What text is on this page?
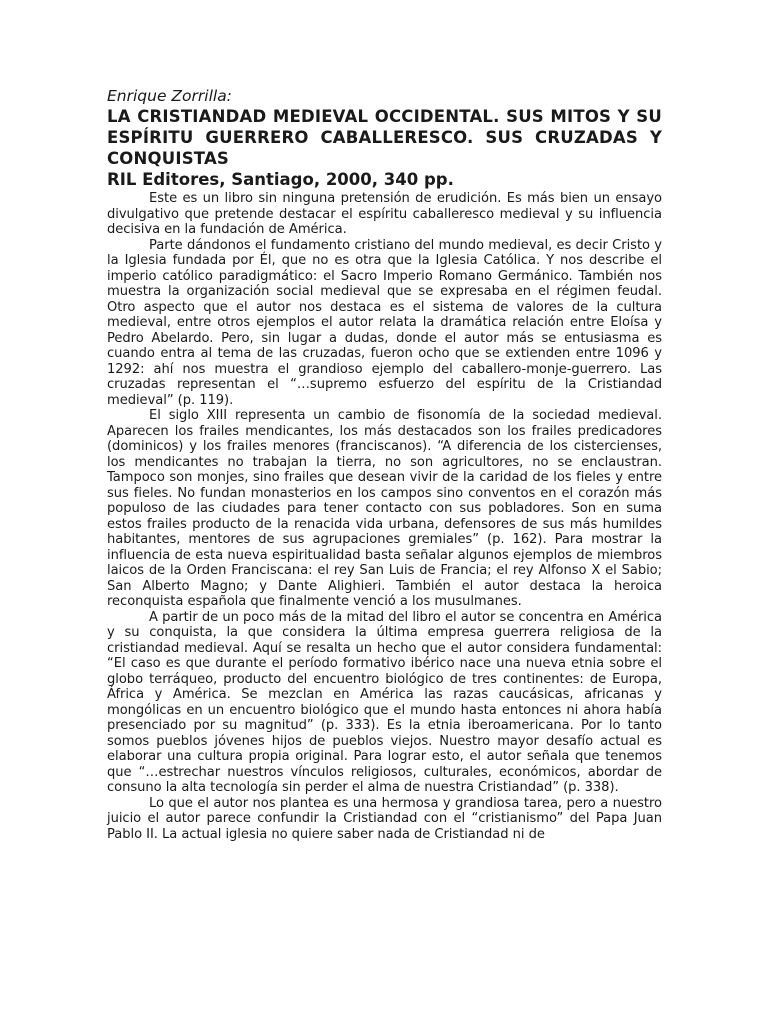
Enrique Zorrilla:

LA CRISTIANDAD MEDIEVAL OCCIDENTAL. SUS MITOS Y SU ESPÍRITU GUERRERO CABALLERESCO. SUS CRUZADAS Y CONQUISTAS

RIL Editores, Santiago, 2000, 340 pp.

Este es un libro sin ninguna pretensión de erudición. Es más bien un ensayo divulgativo que pretende destacar el espíritu caballeresco medieval y su influencia decisiva en la fundación de América.

Parte dándonos el fundamento cristiano del mundo medieval, es decir Cristo y la Iglesia fundada por Él, que no es otra que la Iglesia Católica. Y nos describe el imperio católico paradigmático: el Sacro Imperio Romano Germánico. También nos muestra la organización social medieval que se expresaba en el régimen feudal. Otro aspecto que el autor nos destaca es el sistema de valores de la cultura medieval, entre otros ejemplos el autor relata la dramática relación entre Eloísa y Pedro Abelardo. Pero, sin lugar a dudas, donde el autor más se entusiasma es cuando entra al tema de las cruzadas, fueron ocho que se extienden entre 1096 y 1292: ahí nos muestra el grandioso ejemplo del caballero-monje-guerrero. Las cruzadas representan el “…supremo esfuerzo del espíritu de la Cristiandad medieval” (p. 119).

El siglo XIII representa un cambio de fisonomía de la sociedad medieval. Aparecen los frailes mendicantes, los más destacados son los frailes predicadores (dominicos) y los frailes menores (franciscanos). “A diferencia de los cistercienses, los mendicantes no trabajan la tierra, no son agricultores, no se enclaustran. Tampoco son monjes, sino frailes que desean vivir de la caridad de los fieles y entre sus fieles. No fundan monasterios en los campos sino conventos en el corazón más populoso de las ciudades para tener contacto con sus pobladores. Son en suma estos frailes producto de la renacida vida urbana, defensores de sus más humildes habitantes, mentores de sus agrupaciones gremiales” (p. 162). Para mostrar la influencia de esta nueva espiritualidad basta señalar algunos ejemplos de miembros laicos de la Orden Franciscana: el rey San Luis de Francia; el rey Alfonso X el Sabio; San Alberto Magno; y Dante Alighieri. También el autor destaca la heroica reconquista española que finalmente venció a los musulmanes.

A partir de un poco más de la mitad del libro el autor se concentra en América y su conquista, la que considera la última empresa guerrera religiosa de la cristiandad medieval. Aquí se resalta un hecho que el autor considera fundamental: “El caso es que durante el período formativo ibérico nace una nueva etnia sobre el globo terráqueo, producto del encuentro biológico de tres continentes: de Europa, África y América. Se mezclan en América las razas caucásicas, africanas y mongólicas en un encuentro biológico que el mundo hasta entonces ni ahora había presenciado por su magnitud” (p. 333). Es la etnia iberoamericana. Por lo tanto somos pueblos jóvenes hijos de pueblos viejos. Nuestro mayor desafío actual es elaborar una cultura propia original. Para lograr esto, el autor señala que tenemos que “…estrechar nuestros vínculos religiosos, culturales, económicos, abordar de consuno la alta tecnología sin perder el alma de nuestra Cristiandad” (p. 338).

Lo que el autor nos plantea es una hermosa y grandiosa tarea, pero a nuestro juicio el autor parece confundir la Cristiandad con el “cristianismo” del Papa Juan Pablo II. La actual iglesia no quiere saber nada de Cristiandad ni de
